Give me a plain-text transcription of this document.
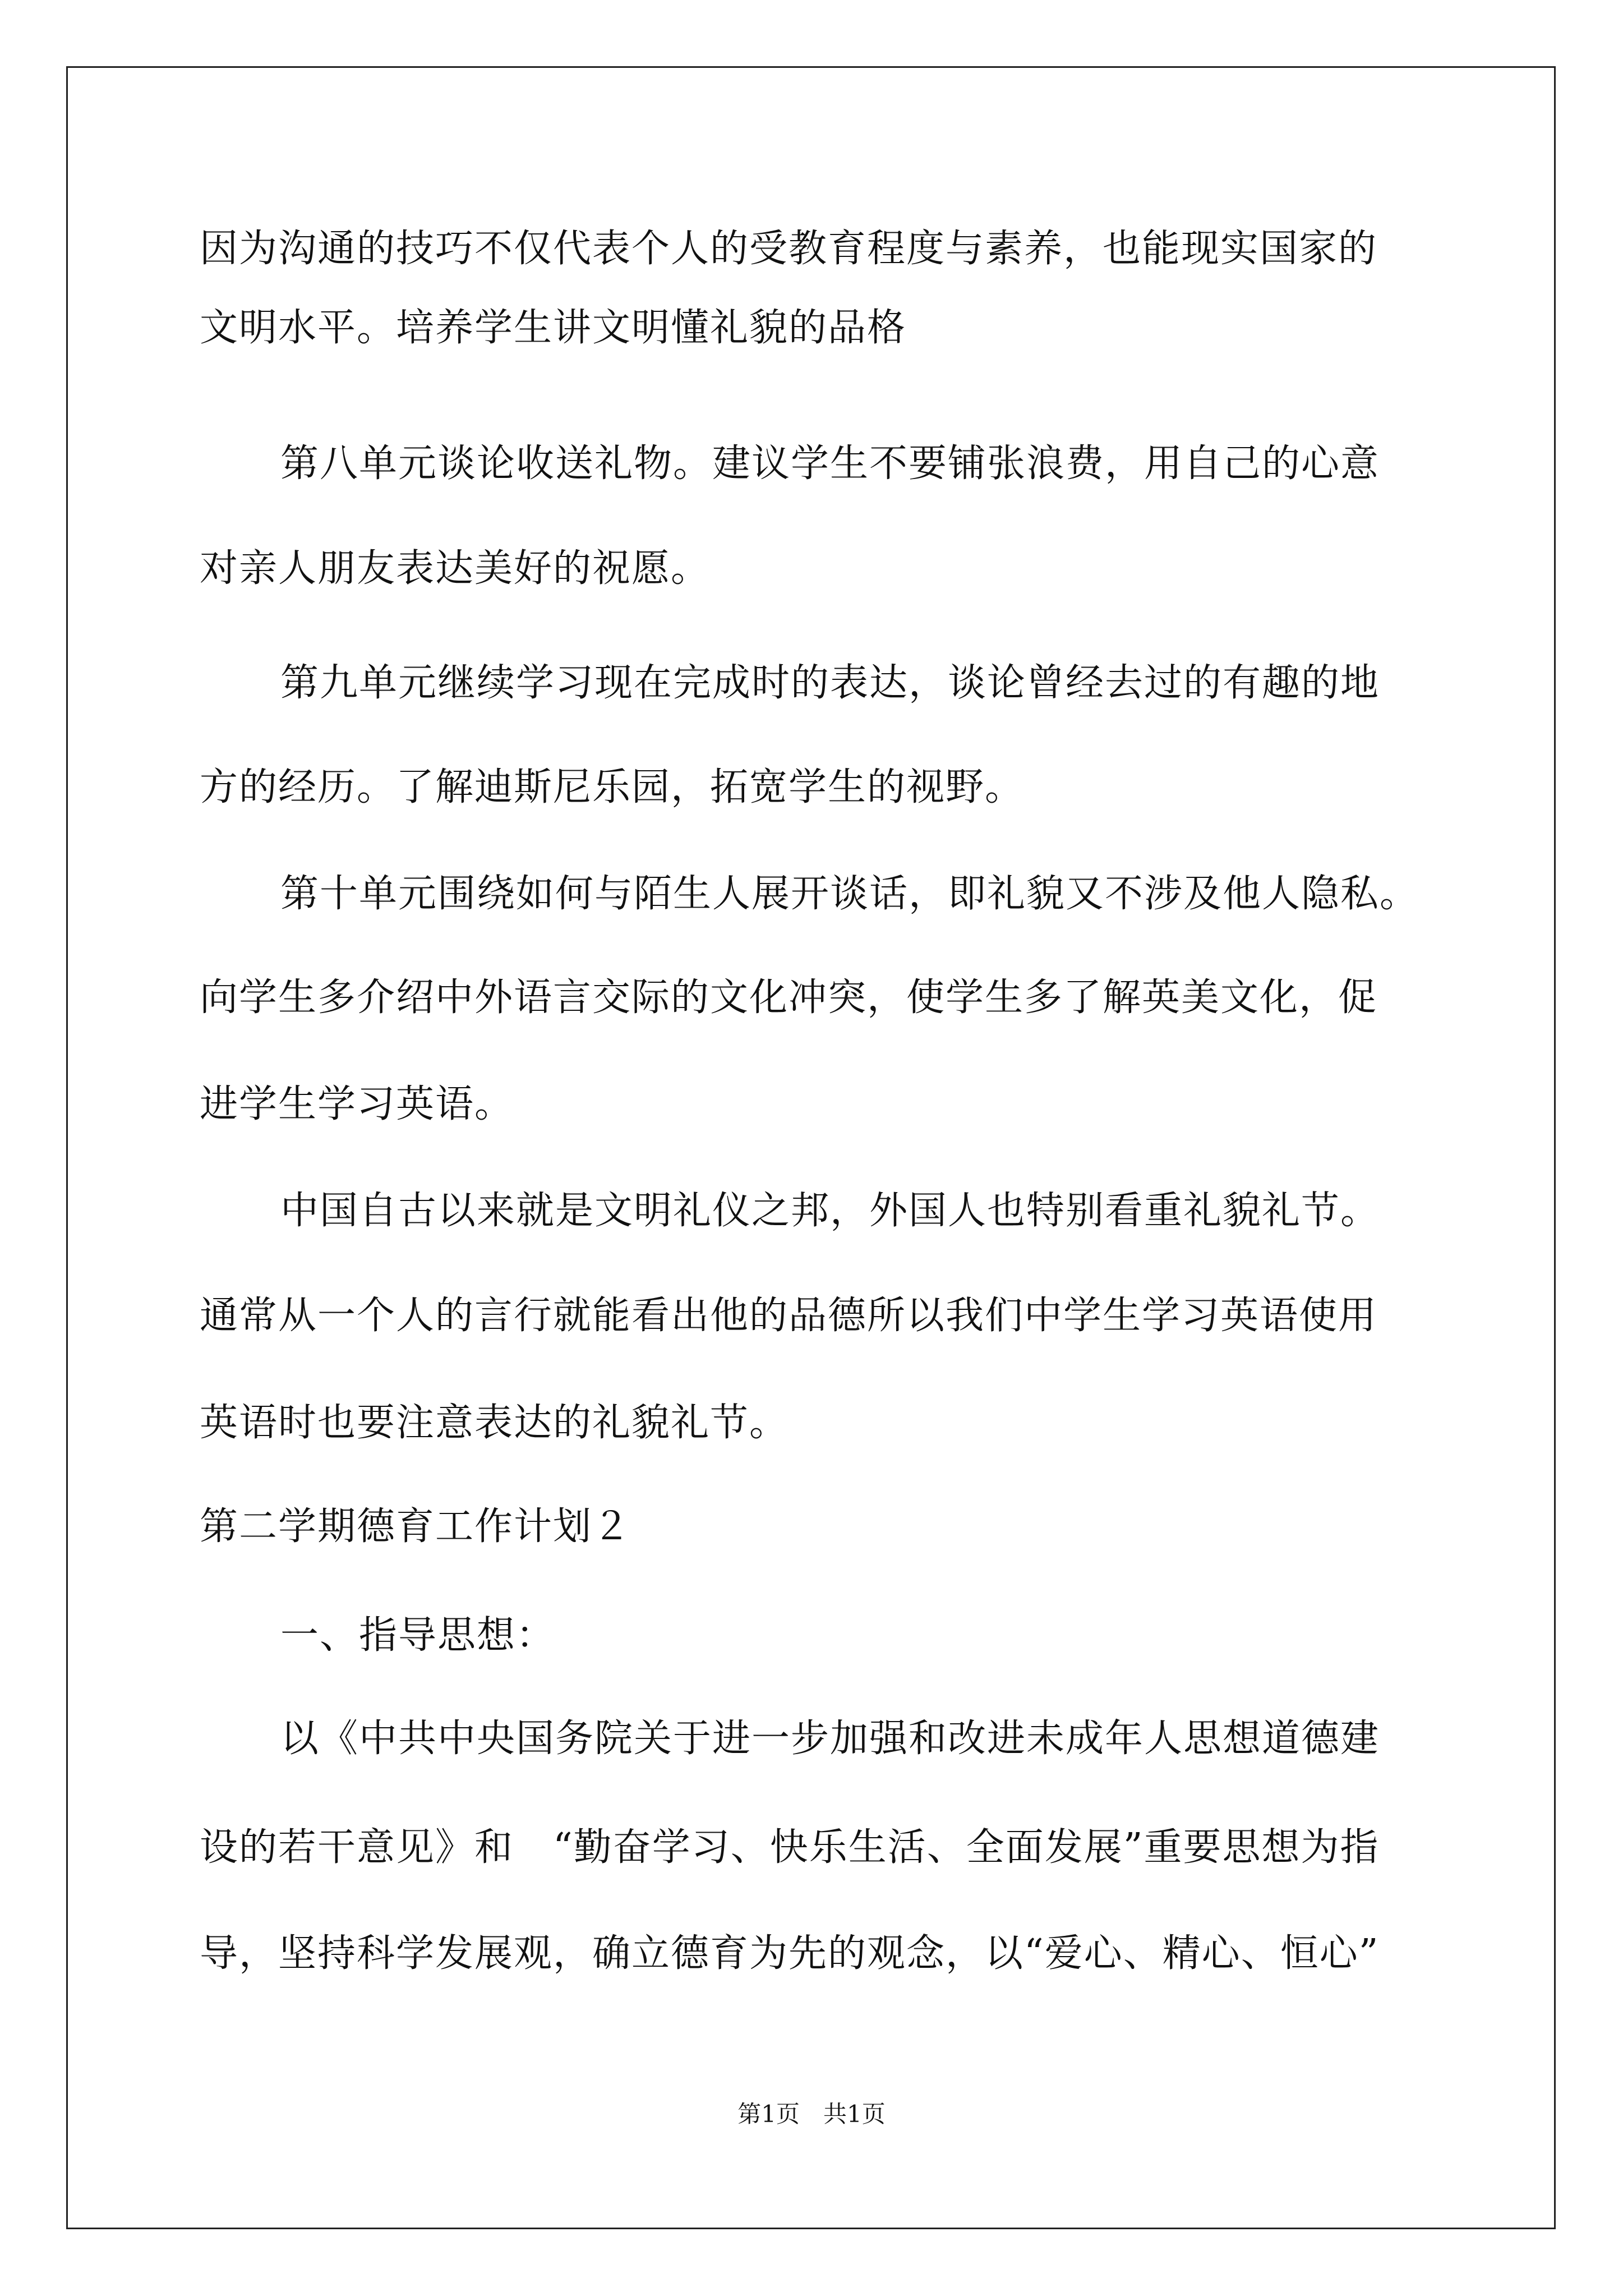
因为沟通的技巧不仅代表个人的受教育程度与素养，也能现实国家的
文明水平。培养学生讲文明懂礼貌的品格
第八单元谈论收送礼物。建议学生不要铺张浪费，用自己的心意
对亲人朋友表达美好的祝愿。
第九单元继续学习现在完成时的表达，谈论曾经去过的有趣的地
方的经历。了解迪斯尼乐园，拓宽学生的视野。
第十单元围绕如何与陌生人展开谈话，即礼貌又不涉及他人隐私。
向学生多介绍中外语言交际的文化冲突，使学生多了解英美文化，促
进学生学习英语。
中国自古以来就是文明礼仪之邦，外国人也特别看重礼貌礼节。
通常从一个人的言行就能看出他的品德所以我们中学生学习英语使用
英语时也要注意表达的礼貌礼节。
第二学期德育工作计划２
一、指导思想：
以《中共中央国务院关于进一步加强和改进未成年人思想道德建
设的若干意见》和　“勤奋学习、快乐生活、全面发展”重要思想为指
导，坚持科学发展观，确立德育为先的观念，以“爱心、精心、恒心”
第1页　共1页
